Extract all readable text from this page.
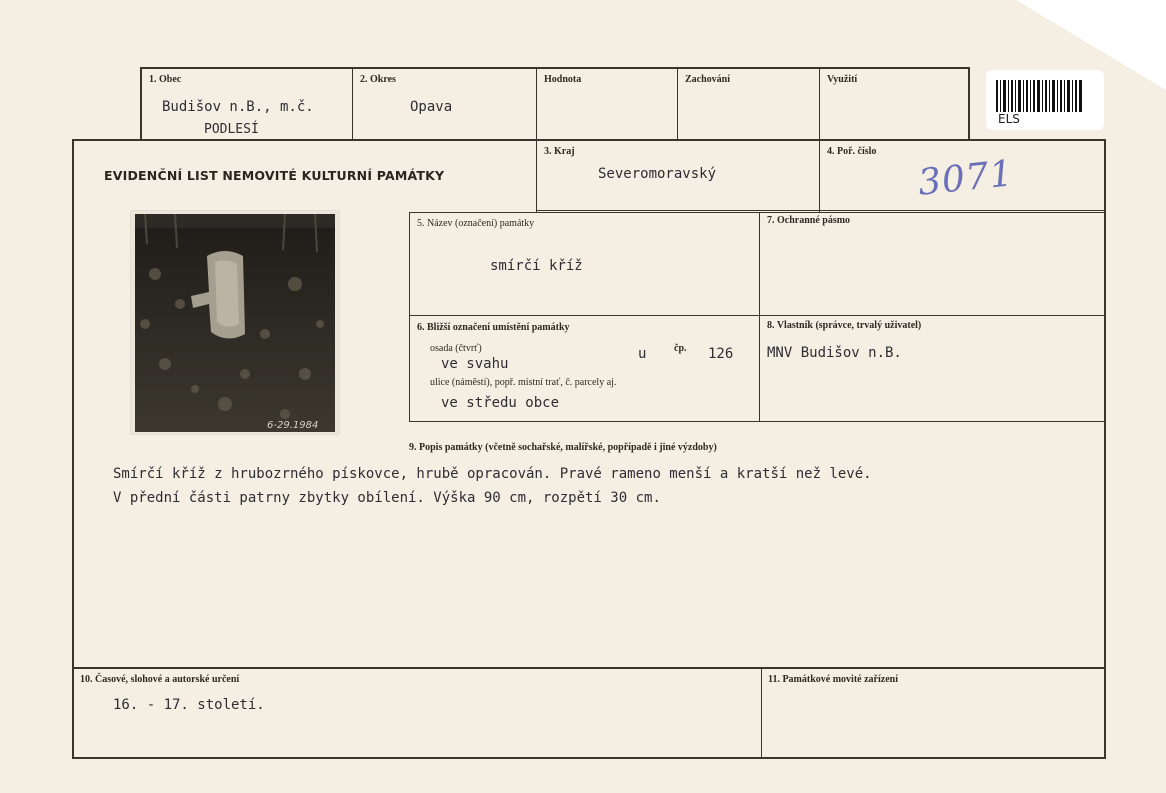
1. Obec
Budišov n.B., m.č.
PODLESÍ
2. Okres
Opava
Hodnota	Zachování	Využití
ELS
EVIDENČNÍ LIST NEMOVITÉ KULTURNÍ PAMÁTKY
3. Kraj
Severomoravský
4. Poř. číslo
3071
6-29.1984
5. Název (označení) památky
smírčí kříž
7. Ochranné pásmo
6. Bližší označení umístění památky
osada (čtvrť)
ve svahu
u	čp. 126
ulice (náměstí), popř. místní trať, č. parcely aj.
ve středu obce
8. Vlastník (správce, trvalý uživatel)
MNV Budišov n.B.
9. Popis památky (včetně sochařské, malířské, popřípadě i jiné výzdoby)
Smírčí kříž z hrubozrného pískovce, hrubě opracován. Pravé rameno menší a kratší než levé.
V přední části patrny zbytky obílení. Výška 90 cm, rozpětí 30 cm.
10. Časové, slohové a autorské určení
16. - 17. století.
11. Památkové movité zařízení
